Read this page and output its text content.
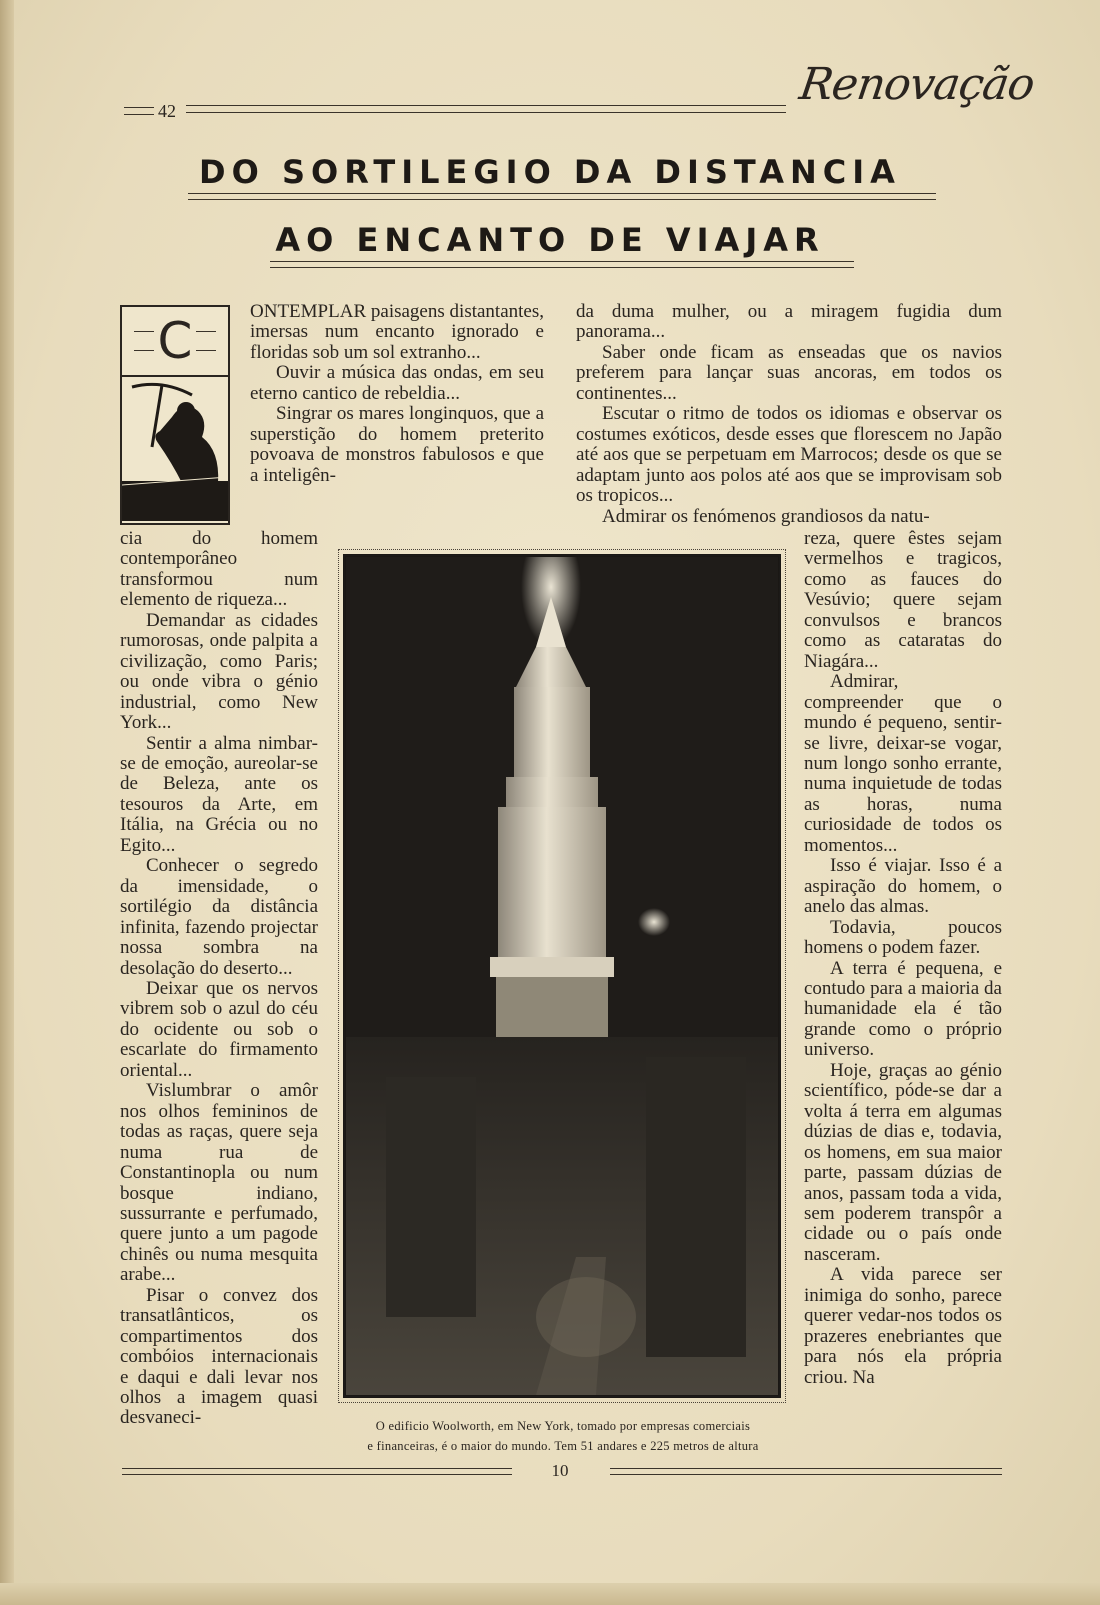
42
Renovação
DO SORTILEGIO DA DISTANCIA
AO ENCANTO DE VIAJAR
C

ONTEMPLAR paisagens distantantes, imersas num encanto ignorado e floridas sob um sol extranho...

Ouvir a música das ondas, em seu eterno cantico de rebeldia...

Singrar os mares longinquos, que a superstição do homem preterito povoava de monstros fabulosos e que a inteligên-

da duma mulher, ou a miragem fugidia dum panorama...

Saber onde ficam as enseadas que os navios preferem para lançar suas ancoras, em todos os continentes...

Escutar o ritmo de todos os idiomas e observar os costumes exóticos, desde esses que florescem no Japão até aos que se perpetuam em Marrocos; desde os que se adaptam junto aos polos até aos que se improvisam sob os tropicos...

Admirar os fenómenos grandiosos da natu-

cia do homem contemporâneo transformou num elemento de riqueza...

Demandar as cidades rumorosas, onde palpita a civilização, como Paris; ou onde vibra o génio industrial, como New York...

Sentir a alma nimbar-se de emoção, aureolar-se de Beleza, ante os tesouros da Arte, em Itália, na Grécia ou no Egito...

Conhecer o segredo da imensidade, o sortilégio da distância infinita, fazendo projectar nossa sombra na desolação do deserto...

Deixar que os nervos vibrem sob o azul do céu do ocidente ou sob o escarlate do firmamento oriental...

Vislumbrar o amôr nos olhos femininos de todas as raças, quere seja numa rua de Constantinopla ou num bosque indiano, sussurrante e perfumado, quere junto a um pagode chinês ou numa mesquita arabe...

Pisar o convez dos transatlânticos, os compartimentos dos combóios internacionais e daqui e dali levar nos olhos a imagem quasi desvaneci-	O edificio Woolworth, em New York, tomado por empresas comerciais
e financeiras, é o maior do mundo. Tem 51 andares e 225 metros de altura

reza, quere êstes sejam vermelhos e tragicos, como as fauces do Vesúvio; quere sejam convulsos e brancos como as cataratas do Niagára...

Admirar, compreender que o mundo é pequeno, sentir-se livre, deixar-se vogar, num longo sonho errante, numa inquietude de todas as horas, numa curiosidade de todos os momentos...

Isso é viajar. Isso é a aspiração do homem, o anelo das almas.

Todavia, poucos homens o podem fazer.

A terra é pequena, e contudo para a maioria da humanidade ela é tão grande como o próprio universo.

Hoje, graças ao génio scientífico, póde-se dar a volta á terra em algumas dúzias de dias e, todavia, os homens, em sua maior parte, passam dúzias de anos, passam toda a vida, sem poderem transpôr a cidade ou o país onde nasceram.

A vida parece ser inimiga do sonho, parece querer vedar-nos todos os prazeres enebriantes que para nós ela própria criou. Na

10
